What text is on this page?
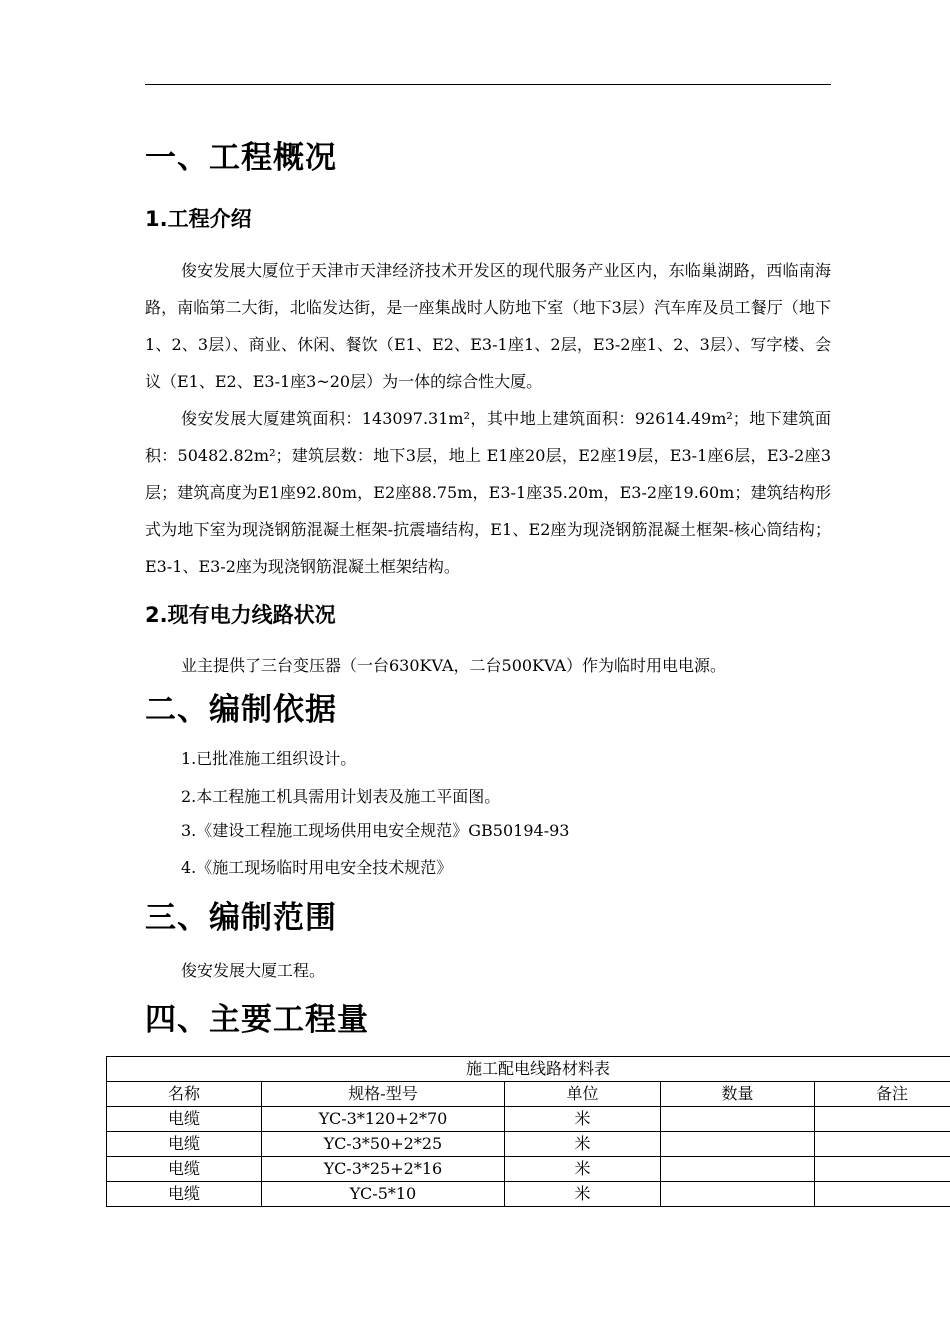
一、工程概况
1.工程介绍
俊安发展大厦位于天津市天津经济技术开发区的现代服务产业区内，东临巢湖路，西临南海路，南临第二大街，北临发达街，是一座集战时人防地下室（地下3层）汽车库及员工餐厅（地下1、2、3层）、商业、休闲、餐饮（E1、E2、E3-1座1、2层，E3-2座1、2、3层）、写字楼、会议（E1、E2、E3-1座3~20层）为一体的综合性大厦。
俊安发展大厦建筑面积：143097.31m²，其中地上建筑面积：92614.49m²；地下建筑面积：50482.82m²；建筑层数：地下3层，地上 E1座20层，E2座19层，E3-1座6层，E3-2座3层；建筑高度为E1座92.80m，E2座88.75m，E3-1座35.20m，E3-2座19.60m；建筑结构形式为地下室为现浇钢筋混凝土框架-抗震墙结构，E1、E2座为现浇钢筋混凝土框架-核心筒结构；E3-1、E3-2座为现浇钢筋混凝土框架结构。
2.现有电力线路状况
业主提供了三台变压器（一台630KVA，二台500KVA）作为临时用电电源。
二、编制依据
1.已批准施工组织设计。
2.本工程施工机具需用计划表及施工平面图。
3.《建设工程施工现场供用电安全规范》GB50194-93
4.《施工现场临时用电安全技术规范》
三、编制范围
俊安发展大厦工程。
四、主要工程量
施工配电线路材料表				
名称	规格-型号	单位	数量	备注
电缆	YC-3*120+2*70	米		
电缆	YC-3*50+2*25	米		
电缆	YC-3*25+2*16	米		
电缆	YC-5*10	米		
